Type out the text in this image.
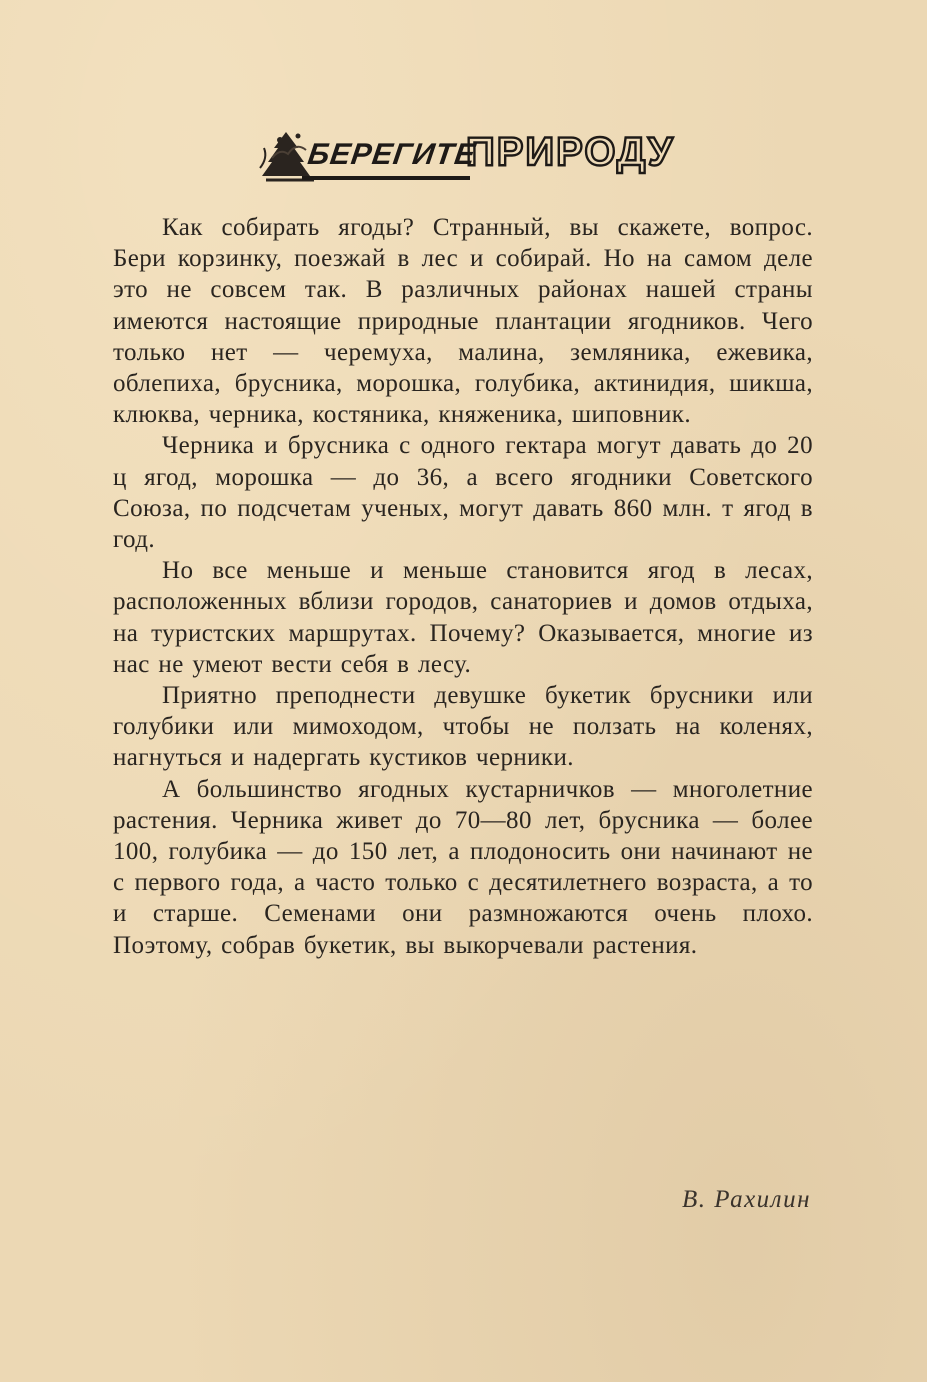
БЕРЕГИТЕ
ПРИРОДУ

Как собирать ягоды? Странный, вы скажете, вопрос. Бери корзинку, поезжай в лес и собирай. Но на самом деле это не совсем так. В различных районах нашей страны имеются настоящие природные плантации ягодников. Чего только нет — черемуха, малина, земляника, ежевика, облепиха, брусника, морошка, голубика, актинидия, шикша, клюква, черника, костяника, княженика, шиповник.

Черника и брусника с одного гектара могут давать до 20 ц ягод, морошка — до 36, а всего ягодники Советского Союза, по подсчетам ученых, могут давать 860 млн. т ягод в год.

Но все меньше и меньше становится ягод в лесах, расположенных вблизи городов, санаториев и домов отдыха, на туристских маршрутах. Почему? Оказывается, многие из нас не умеют вести себя в лесу.

Приятно преподнести девушке букетик брусники или голубики или мимоходом, чтобы не ползать на коленях, нагнуться и надергать кустиков черники.

А большинство ягодных кустарничков — многолетние растения. Черника живет до 70—80 лет, брусника — более 100, голубика — до 150 лет, а плодоносить они начинают не с первого года, а часто только с десятилетнего возраста, а то и старше. Семенами они размножаются очень плохо. Поэтому, собрав букетик, вы выкорчевали растения.

В. Рахилин
